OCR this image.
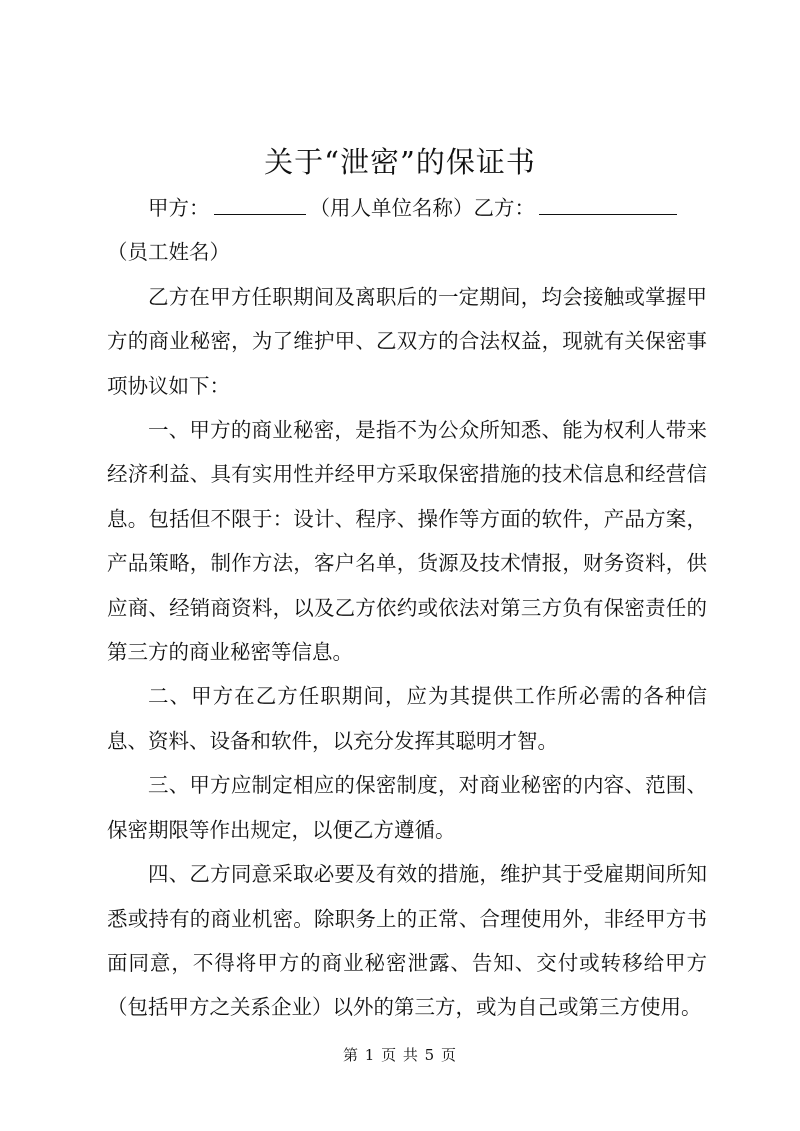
关于“泄密”的保证书

甲方：	（用人单位名称）乙方：

（员工姓名）

乙方在甲方任职期间及离职后的一定期间，均会接触或掌握甲方的商业秘密，为了维护甲、乙双方的合法权益，现就有关保密事项协议如下：

一、甲方的商业秘密，是指不为公众所知悉、能为权利人带来经济利益、具有实用性并经甲方采取保密措施的技术信息和经营信息。包括但不限于：设计、程序、操作等方面的软件，产品方案，产品策略，制作方法，客户名单，货源及技术情报，财务资料，供应商、经销商资料，以及乙方依约或依法对第三方负有保密责任的第三方的商业秘密等信息。

二、甲方在乙方任职期间，应为其提供工作所必需的各种信息、资料、设备和软件，以充分发挥其聪明才智。

三、甲方应制定相应的保密制度，对商业秘密的内容、范围、保密期限等作出规定，以便乙方遵循。

四、乙方同意采取必要及有效的措施，维护其于受雇期间所知悉或持有的商业机密。除职务上的正常、合理使用外，非经甲方书面同意，不得将甲方的商业秘密泄露、告知、交付或转移给甲方（包括甲方之关系企业）以外的第三方，或为自己或第三方使用。

第 1 页 共 5 页
